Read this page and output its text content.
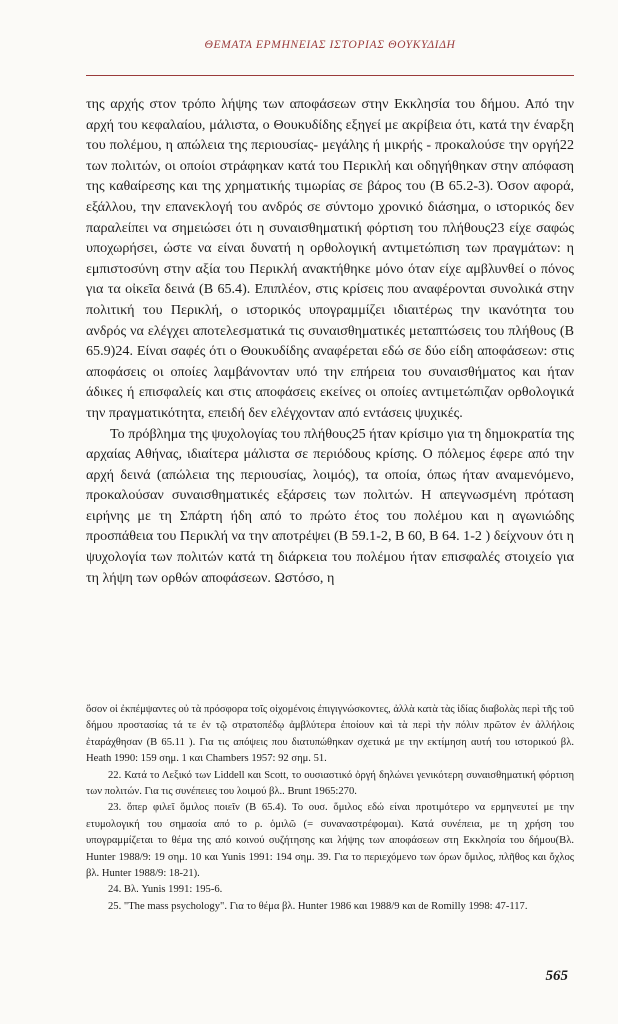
ΘΕΜΑΤΑ ΕΡΜΗΝΕΙΑΣ ΙΣΤΟΡΙΑΣ ΘΟΥΚΥΔΙΔΗ

της αρχής στον τρόπο λήψης των αποφάσεων στην Εκκλησία του δήμου. Από την αρχή του κεφαλαίου, μάλιστα, ο Θουκυδίδης εξηγεί με ακρίβεια ότι, κατά την έναρξη του πολέμου, η απώλεια της περιουσίας- μεγάλης ή μικρής - προκαλούσε την οργή22 των πολιτών, οι οποίοι στράφηκαν κατά του Περικλή και οδηγήθηκαν στην απόφαση της καθαίρεσης και της χρηματικής τιμωρίας σε βάρος του (Β 65.2-3). Όσον αφορά, εξάλλου, την επανεκλογή του ανδρός σε σύντομο χρονικό διάσημα, ο ιστορικός δεν παραλείπει να σημειώσει ότι η συναισθηματική φόρτιση του πλήθους23 είχε σαφώς υποχωρήσει, ώστε να είναι δυνατή η ορθολογική αντιμετώπιση των πραγμάτων: η εμπιστοσύνη στην αξία του Περικλή ανακτήθηκε μόνο όταν είχε αμβλυνθεί ο πόνος για τα οἰκεῖα δεινά (Β 65.4). Επιπλέον, στις κρίσεις που αναφέρονται συνολικά στην πολιτική του Περικλή, ο ιστορικός υπογραμμίζει ιδιαιτέρως την ικανότητα του ανδρός να ελέγχει αποτελεσματικά τις συναισθηματικές μεταπτώσεις του πλήθους (Β 65.9)24. Είναι σαφές ότι ο Θουκυδίδης αναφέρεται εδώ σε δύο είδη αποφάσεων: στις αποφάσεις οι οποίες λαμβάνονταν υπό την επήρεια του συναισθήματος και ήταν άδικες ή επισφαλείς και στις αποφάσεις εκείνες οι οποίες αντιμετώπιζαν ορθολογικά την πραγματικότητα, επειδή δεν ελέγχονταν από εντάσεις ψυχικές.

Το πρόβλημα της ψυχολογίας του πλήθους25 ήταν κρίσιμο για τη δημοκρατία της αρχαίας Αθήνας, ιδιαίτερα μάλιστα σε περιόδους κρίσης. Ο πόλεμος έφερε από την αρχή δεινά (απώλεια της περιουσίας, λοιμός), τα οποία, όπως ήταν αναμενόμενο, προκαλούσαν συναισθηματικές εξάρσεις των πολιτών. Η απεγνωσμένη πρόταση ειρήνης με τη Σπάρτη ήδη από το πρώτο έτος του πολέμου και η αγωνιώδης προσπάθεια του Περικλή να την αποτρέψει (Β 59.1-2, Β 60, Β 64. 1-2 ) δείχνουν ότι η ψυχολογία των πολιτών κατά τη διάρκεια του πολέμου ήταν επισφαλές στοιχείο για τη λήψη των ορθών αποφάσεων. Ωστόσο, η

ὅσον οἱ ἐκπέμψαντες οὐ τὰ πρόσφορα τοῖς οἰχομένοις ἐπιγιγνώσκοντες, ἀλλὰ κατὰ τὰς ἰδίας διαβολὰς περὶ τῆς τοῦ δήμου προστασίας τά τε ἐν τῷ στρατοπέδῳ ἀμβλύτερα ἐποίουν καὶ τὰ περὶ τὴν πόλιν πρῶτον ἐν ἀλλήλοις ἐταράχθησαν (Β 65.11 ). Για τις απόψεις που διατυπώθηκαν σχετικά με την εκτίμηση αυτή του ιστορικού βλ. Heath 1990: 159 σημ. 1 και Chambers 1957: 92 σημ. 51.

22. Κατά το Λεξικό των Liddell και Scott, το ουσιαστικό ὀργή δηλώνει γενικότερη συναισθηματική φόρτιση των πολιτών. Για τις συνέπειες του λοιμού βλ.. Brunt 1965:270.

23. ὅπερ φιλεῖ ὅμιλος ποιεῖν (Β 65.4). Το ουσ. ὅμιλος εδώ είναι προτιμότερο να ερμηνευτεί με την ετυμολογική του σημασία από το ρ. ὁμιλῶ (= συναναστρέφομαι). Κατά συνέπεια, με τη χρήση του υπογραμμίζεται το θέμα της από κοινού συζήτησης και λήψης των αποφάσεων στη Εκκλησία του δήμου(Βλ. Hunter 1988/9: 19 σημ. 10 και Yunis 1991: 194 σημ. 39. Για το περιεχόμενο των όρων ὅμιλος, πλῆθος και ὄχλος βλ. Hunter 1988/9: 18-21).

24. Βλ. Yunis 1991: 195-6.

25. "The mass psychology". Για το θέμα βλ. Hunter 1986 και 1988/9 και de Romilly 1998: 47-117.

565
